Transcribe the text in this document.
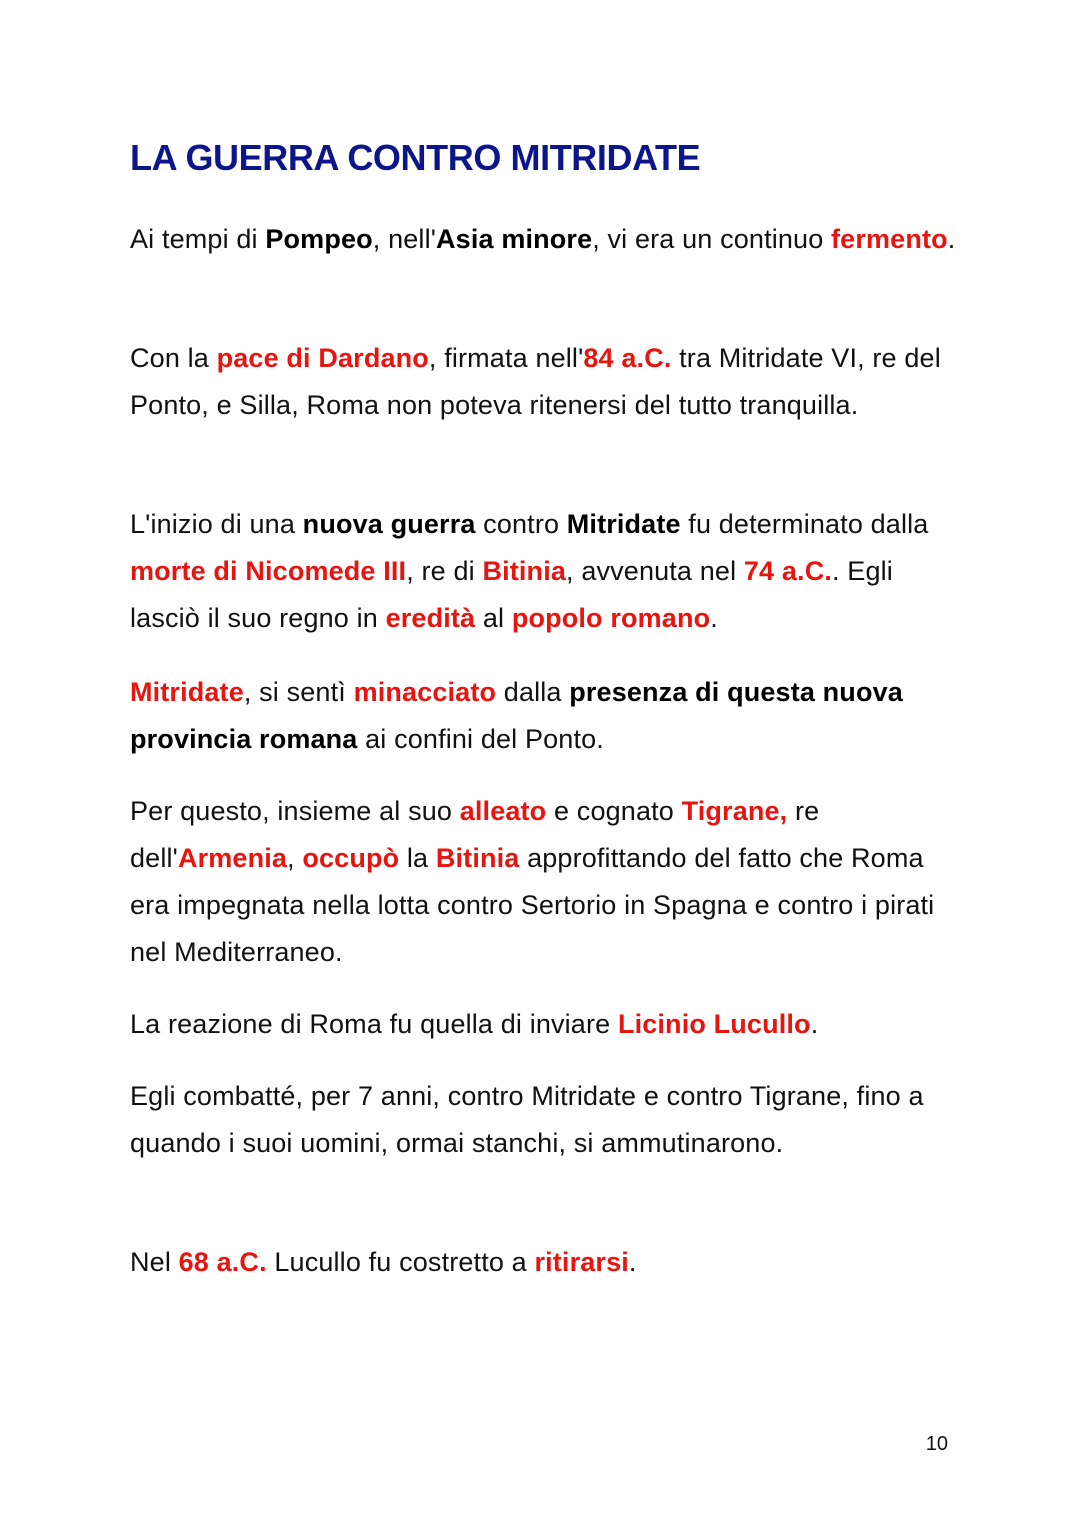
LA GUERRA CONTRO MITRIDATE

Ai tempi di Pompeo, nell'Asia minore, vi era un continuo fermento.

Con la pace di Dardano, firmata nell'84 a.C. tra Mitridate VI, re del Ponto, e Silla, Roma non poteva ritenersi del tutto tranquilla.

L'inizio di una nuova guerra contro Mitridate fu determinato dalla morte di Nicomede III, re di Bitinia, avvenuta nel 74 a.C.. Egli lasciò il suo regno in eredità al popolo romano.

Mitridate, si sentì minacciato dalla presenza di questa nuova provincia romana ai confini del Ponto.

Per questo, insieme al suo alleato e cognato Tigrane, re dell'Armenia, occupò la Bitinia approfittando del fatto che Roma era impegnata nella lotta contro Sertorio in Spagna e contro i pirati nel Mediterraneo.

La reazione di Roma fu quella di inviare Licinio Lucullo.

Egli combatté, per 7 anni, contro Mitridate e contro Tigrane, fino a quando i suoi uomini, ormai stanchi, si ammutinarono.

Nel 68 a.C. Lucullo fu costretto a ritirarsi.

10
